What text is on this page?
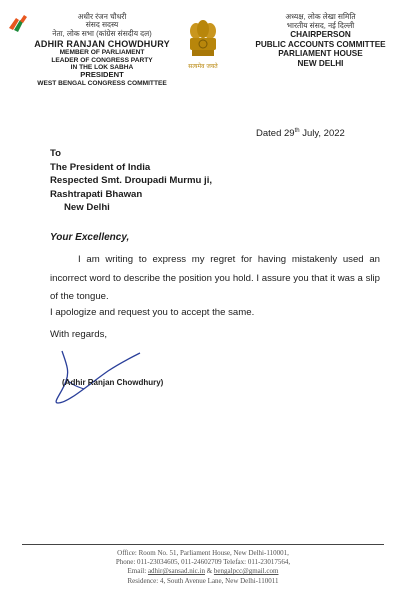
अधीर रंजन चौधरी
संसद सदस्य
नेता, लोक सभा (कांग्रेस संसदीय दल)
ADHIR RANJAN CHOWDHURY
MEMBER OF PARLIAMENT
LEADER OF CONGRESS PARTY
IN THE LOK SABHA
PRESIDENT
WEST BENGAL CONGRESS COMMITTEE
सत्यमेव जयते
अध्यक्ष, लोक लेखा समिति
भारतीय संसद, नई दिल्ली
CHAIRPERSON
PUBLIC ACCOUNTS COMMITTEE
PARLIAMENT HOUSE
NEW DELHI
Dated 29th July, 2022
To
The President of India
Respected Smt. Droupadi Murmu ji,
Rashtrapati Bhawan
New Delhi
Your Excellency,
I am writing to express my regret for having mistakenly used an incorrect word to describe the position you hold. I assure you that it was a slip of the tongue.
I apologize and request you to accept the same.
With regards,
(Adhir Ranjan Chowdhury)
Office: Room No. 51, Parliament House, New Delhi-110001,
Phone: 011-23034605, 011-24602709 Telefax: 011-23017564,
Email: adhir@sansad.nic.in & bengalpcc@gmail.com
Residence: 4, South Avenue Lane, New Delhi-110011
